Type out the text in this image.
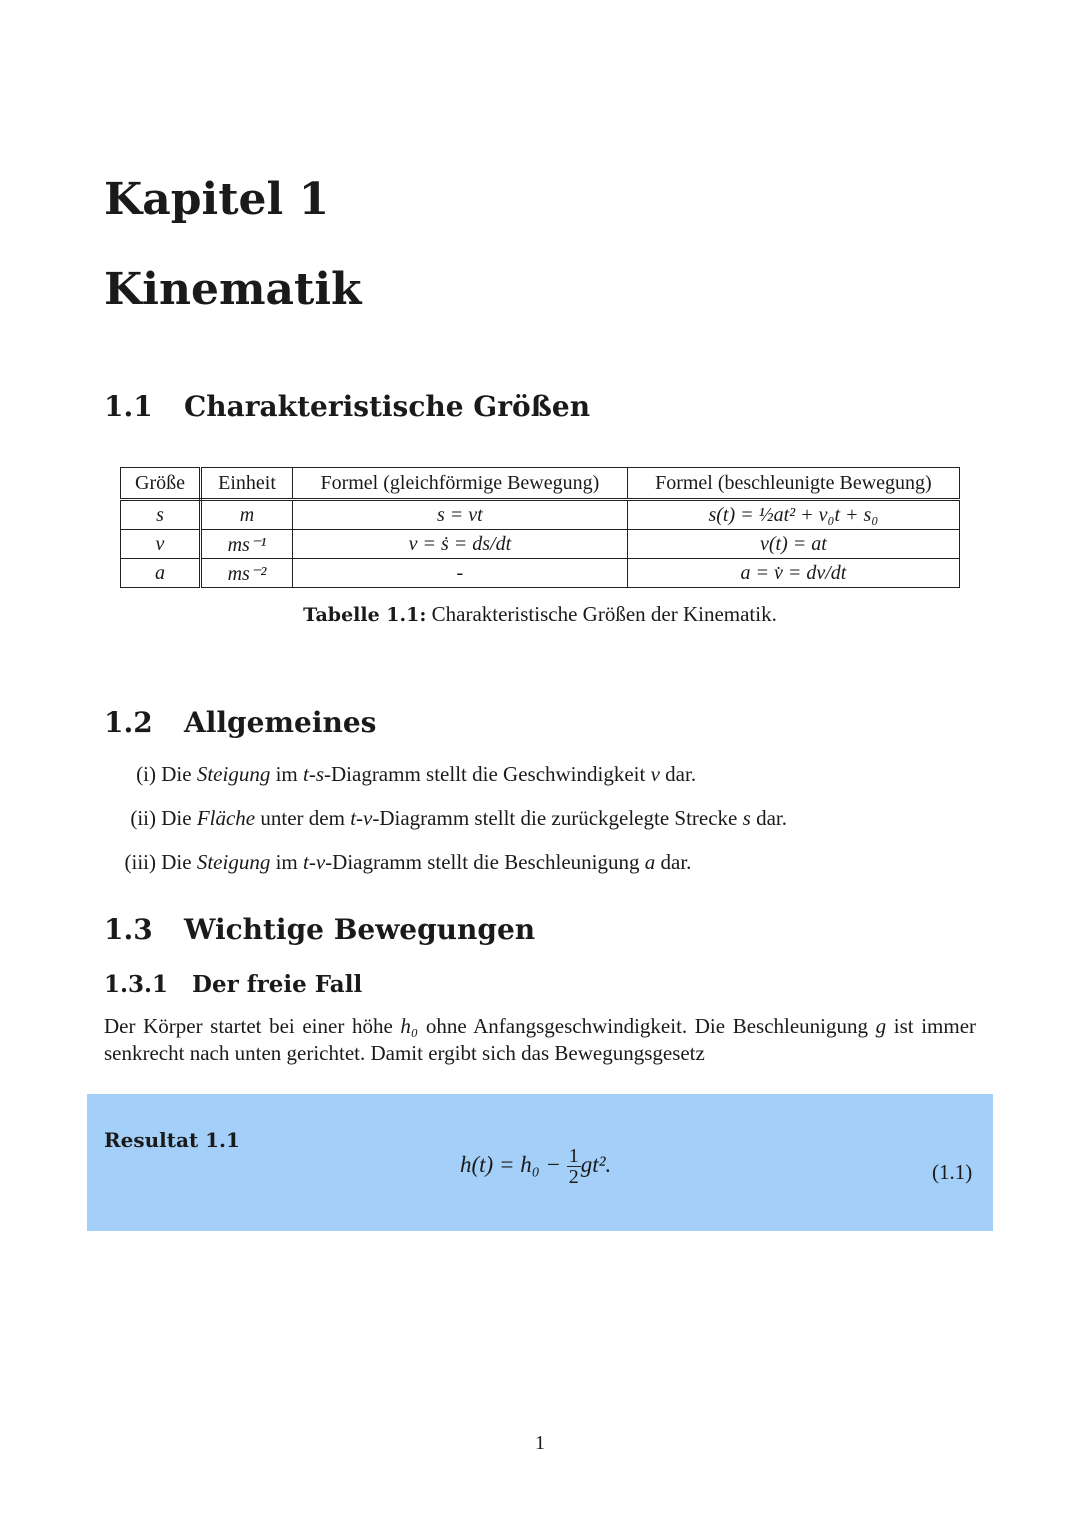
Kapitel 1
Kinematik
1.1 Charakteristische Größen
Größe	Einheit	Formel (gleichförmige Bewegung)	Formel (beschleunigte Bewegung)
s	m	s = vt	s(t) = ½at² + v₀t + s₀
v	ms⁻¹	v = ṡ = ds/dt	v(t) = at
a	ms⁻²	-	a = v̇ = dv/dt
Tabelle 1.1: Charakteristische Größen der Kinematik.
1.2 Allgemeines
(i) Die Steigung im t-s-Diagramm stellt die Geschwindigkeit v dar.
(ii) Die Fläche unter dem t-v-Diagramm stellt die zurückgelegte Strecke s dar.
(iii) Die Steigung im t-v-Diagramm stellt die Beschleunigung a dar.
1.3 Wichtige Bewegungen
1.3.1 Der freie Fall
Der Körper startet bei einer höhe h₀ ohne Anfangsgeschwindigkeit. Die Beschleunigung g ist immer senkrecht nach unten gerichtet. Damit ergibt sich das Bewegungsgesetz
Resultat 1.1
$h(t) = h_0 - \frac{1}{2} gt^2$.	(1.1)
1
